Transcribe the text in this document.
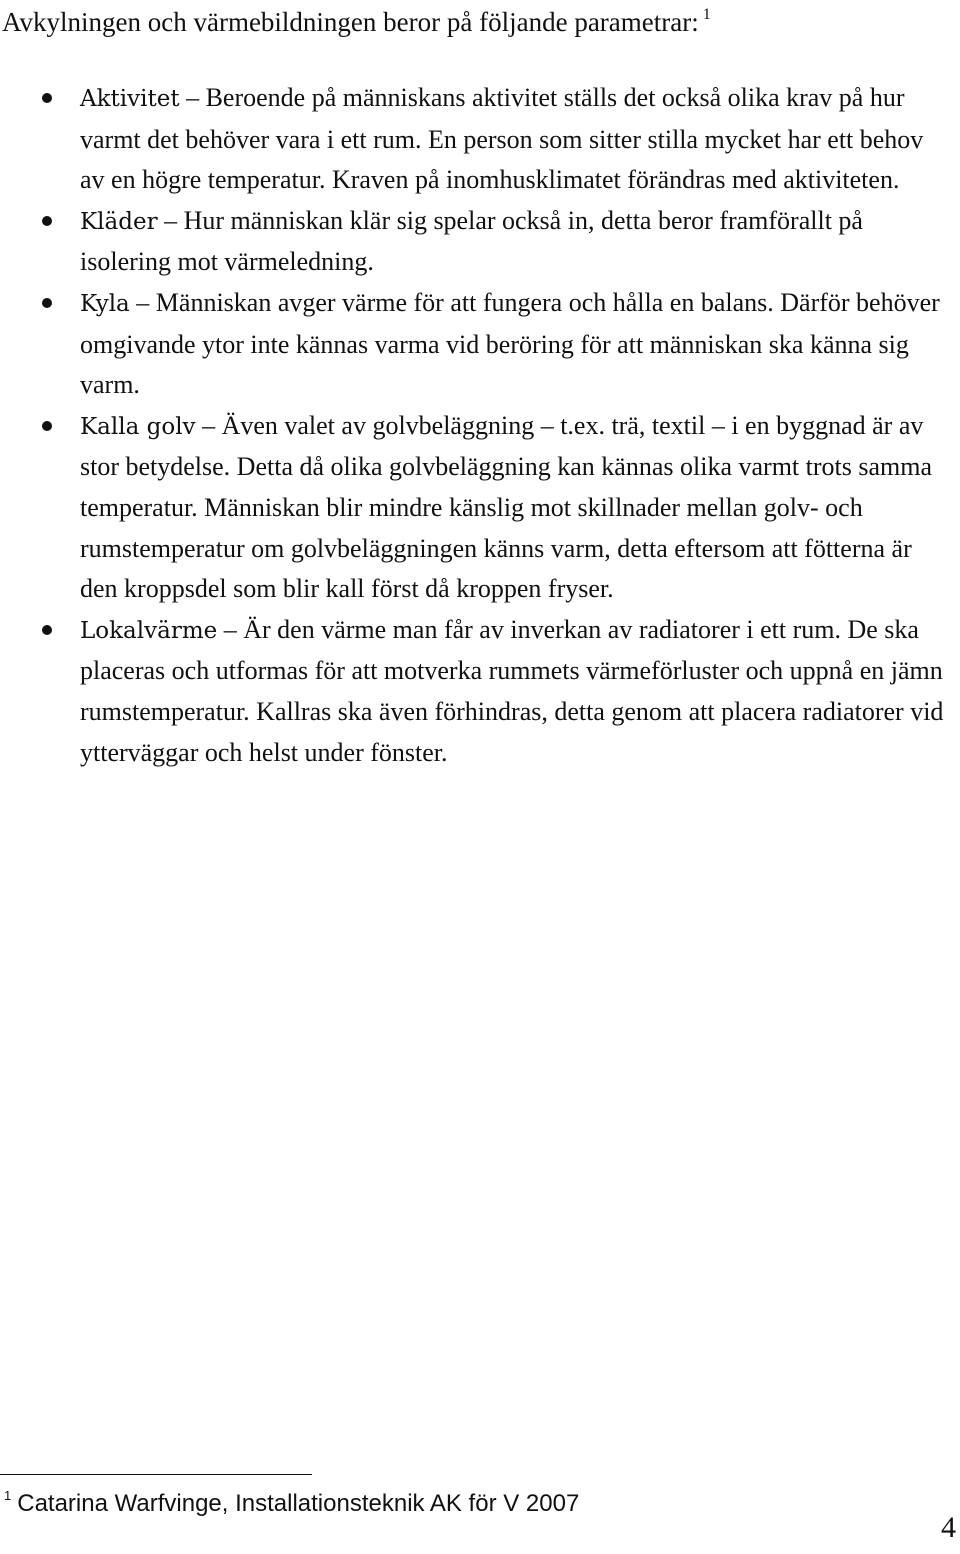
Avkylningen och värmebildningen beror på följande parametrar: $^1$
Aktivitet – Beroende på människans aktivitet ställs det också olika krav på hur varmt det behöver vara i ett rum. En person som sitter stilla mycket har ett behov av en högre temperatur. Kraven på inomhusklimatet förändras med aktiviteten.
Kläder – Hur människan klär sig spelar också in, detta beror framförallt på isolering mot värmeledning.
Kyla – Människan avger värme för att fungera och hålla en balans. Därför behöver omgivande ytor inte kännas varma vid beröring för att människan ska känna sig varm.
Kalla golv – Även valet av golvbeläggning – t.ex. trä, textil – i en byggnad är av stor betydelse. Detta då olika golvbeläggning kan kännas olika varmt trots samma temperatur. Människan blir mindre känslig mot skillnader mellan golv- och rumstemperatur om golvbeläggningen känns varm, detta eftersom att fötterna är den kroppsdel som blir kall först då kroppen fryser.
Lokalvärme – Är den värme man får av inverkan av radiatorer i ett rum. De ska placeras och utformas för att motverka rummets värmeförluster och uppnå en jämn rumstemperatur. Kallras ska även förhindras, detta genom att placera radiatorer vid ytterväggar och helst under fönster.
$^1$ Catarina Warfvinge, Installationsteknik AK för V 2007
4
